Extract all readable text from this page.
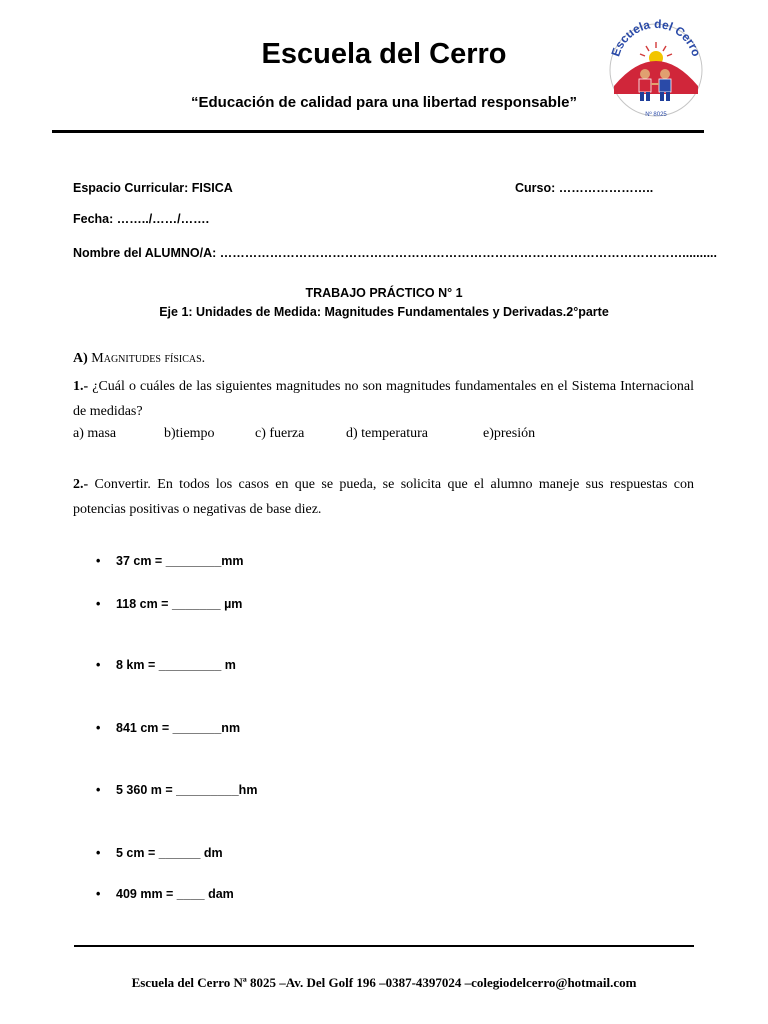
Escuela del Cerro
“Educación de calidad para una libertad responsable”
Escuela del Cerro
Nº 8025
Espacio Curricular: FISICA	Curso: …………………..
Fecha: ……../……/…….
Nombre del ALUMNO/A: …………………………………………………………………………………………………..........
TRABAJO PRÁCTICO N° 1
Eje 1: Unidades de Medida: Magnitudes Fundamentales y Derivadas.2°parte
A) Magnitudes físicas.
1.- ¿Cuál o cuáles de las siguientes magnitudes no son magnitudes fundamentales en el Sistema Internacional de medidas?
a) masa	b)tiempo	c) fuerza	d) temperatura	e)presión
2.- Convertir. En todos los casos en que se pueda, se solicita que el alumno maneje sus respuestas con potencias positivas o negativas de base diez.
• 37 cm = ________mm
• 118 cm = _______ µm
• 8 km = _________ m
• 841 cm = _______nm
• 5 360 m = _________hm
• 5 cm = ______ dm
• 409 mm = ____ dam
Escuela del Cerro Nª 8025 –Av. Del Golf 196 –0387-4397024 –colegiodelcerro@hotmail.com
